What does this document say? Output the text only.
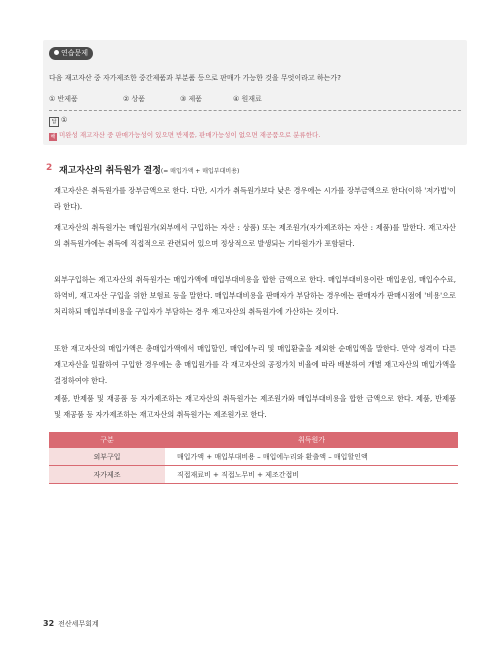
연습문제
다음 재고자산 중 자가제조한 중간제품과 부분품 등으로 판매가 가능한 것을 무엇이라고 하는가?
① 반제품	② 상품	③ 제품	④ 원재료
답 ①
해 미완성 재고자산 중 판매가능성이 있으면 반제품, 판매가능성이 없으면 재공품으로 분류한다.
2 재고자산의 취득원가 결정(= 매입가액 + 매입부대비용)
재고자산은 취득원가를 장부금액으로 한다. 다만, 시가가 취득원가보다 낮은 경우에는 시가를 장부금액으로 한다(이하 '저가법'이라 한다).
재고자산의 취득원가는 매입원가(외부에서 구입하는 자산 : 상품) 또는 제조원가(자가제조하는 자산 : 제품)를 말한다. 재고자산의 취득원가에는 취득에 직접적으로 관련되어 있으며 정상적으로 발생되는 기타원가가 포함된다.
외부구입하는 재고자산의 취득원가는 매입가액에 매입부대비용을 합한 금액으로 한다. 매입부대비용이란 매입운임, 매입수수료, 하역비, 재고자산 구입을 위한 보험료 등을 말한다. 매입부대비용을 판매자가 부담하는 경우에는 판매자가 판매시점에 '비용'으로 처리하되 매입부대비용을 구입자가 부담하는 경우 재고자산의 취득원가에 가산하는 것이다.
또한 재고자산의 매입가액은 총매입가액에서 매입할인, 매입에누리 및 매입환출을 제외한 순매입액을 말한다. 만약 성격이 다른 재고자산을 일괄하여 구입한 경우에는 총 매입원가를 각 재고자산의 공정가치 비율에 따라 배분하여 개별 재고자산의 매입가액을 결정하여야 한다.
제품, 반제품 및 재공품 등 자가제조하는 재고자산의 취득원가는 제조원가와 매입부대비용을 합한 금액으로 한다. 제품, 반제품 및 재공품 등 자가제조하는 재고자산의 취득원가는 제조원가로 한다.
구분	취득원가
외부구입	매입가액 + 매입부대비용 – 매입에누리와 환출액 – 매입할인액
자가제조	직접재료비 + 직접노무비 + 제조간접비
32 전산세무회계
